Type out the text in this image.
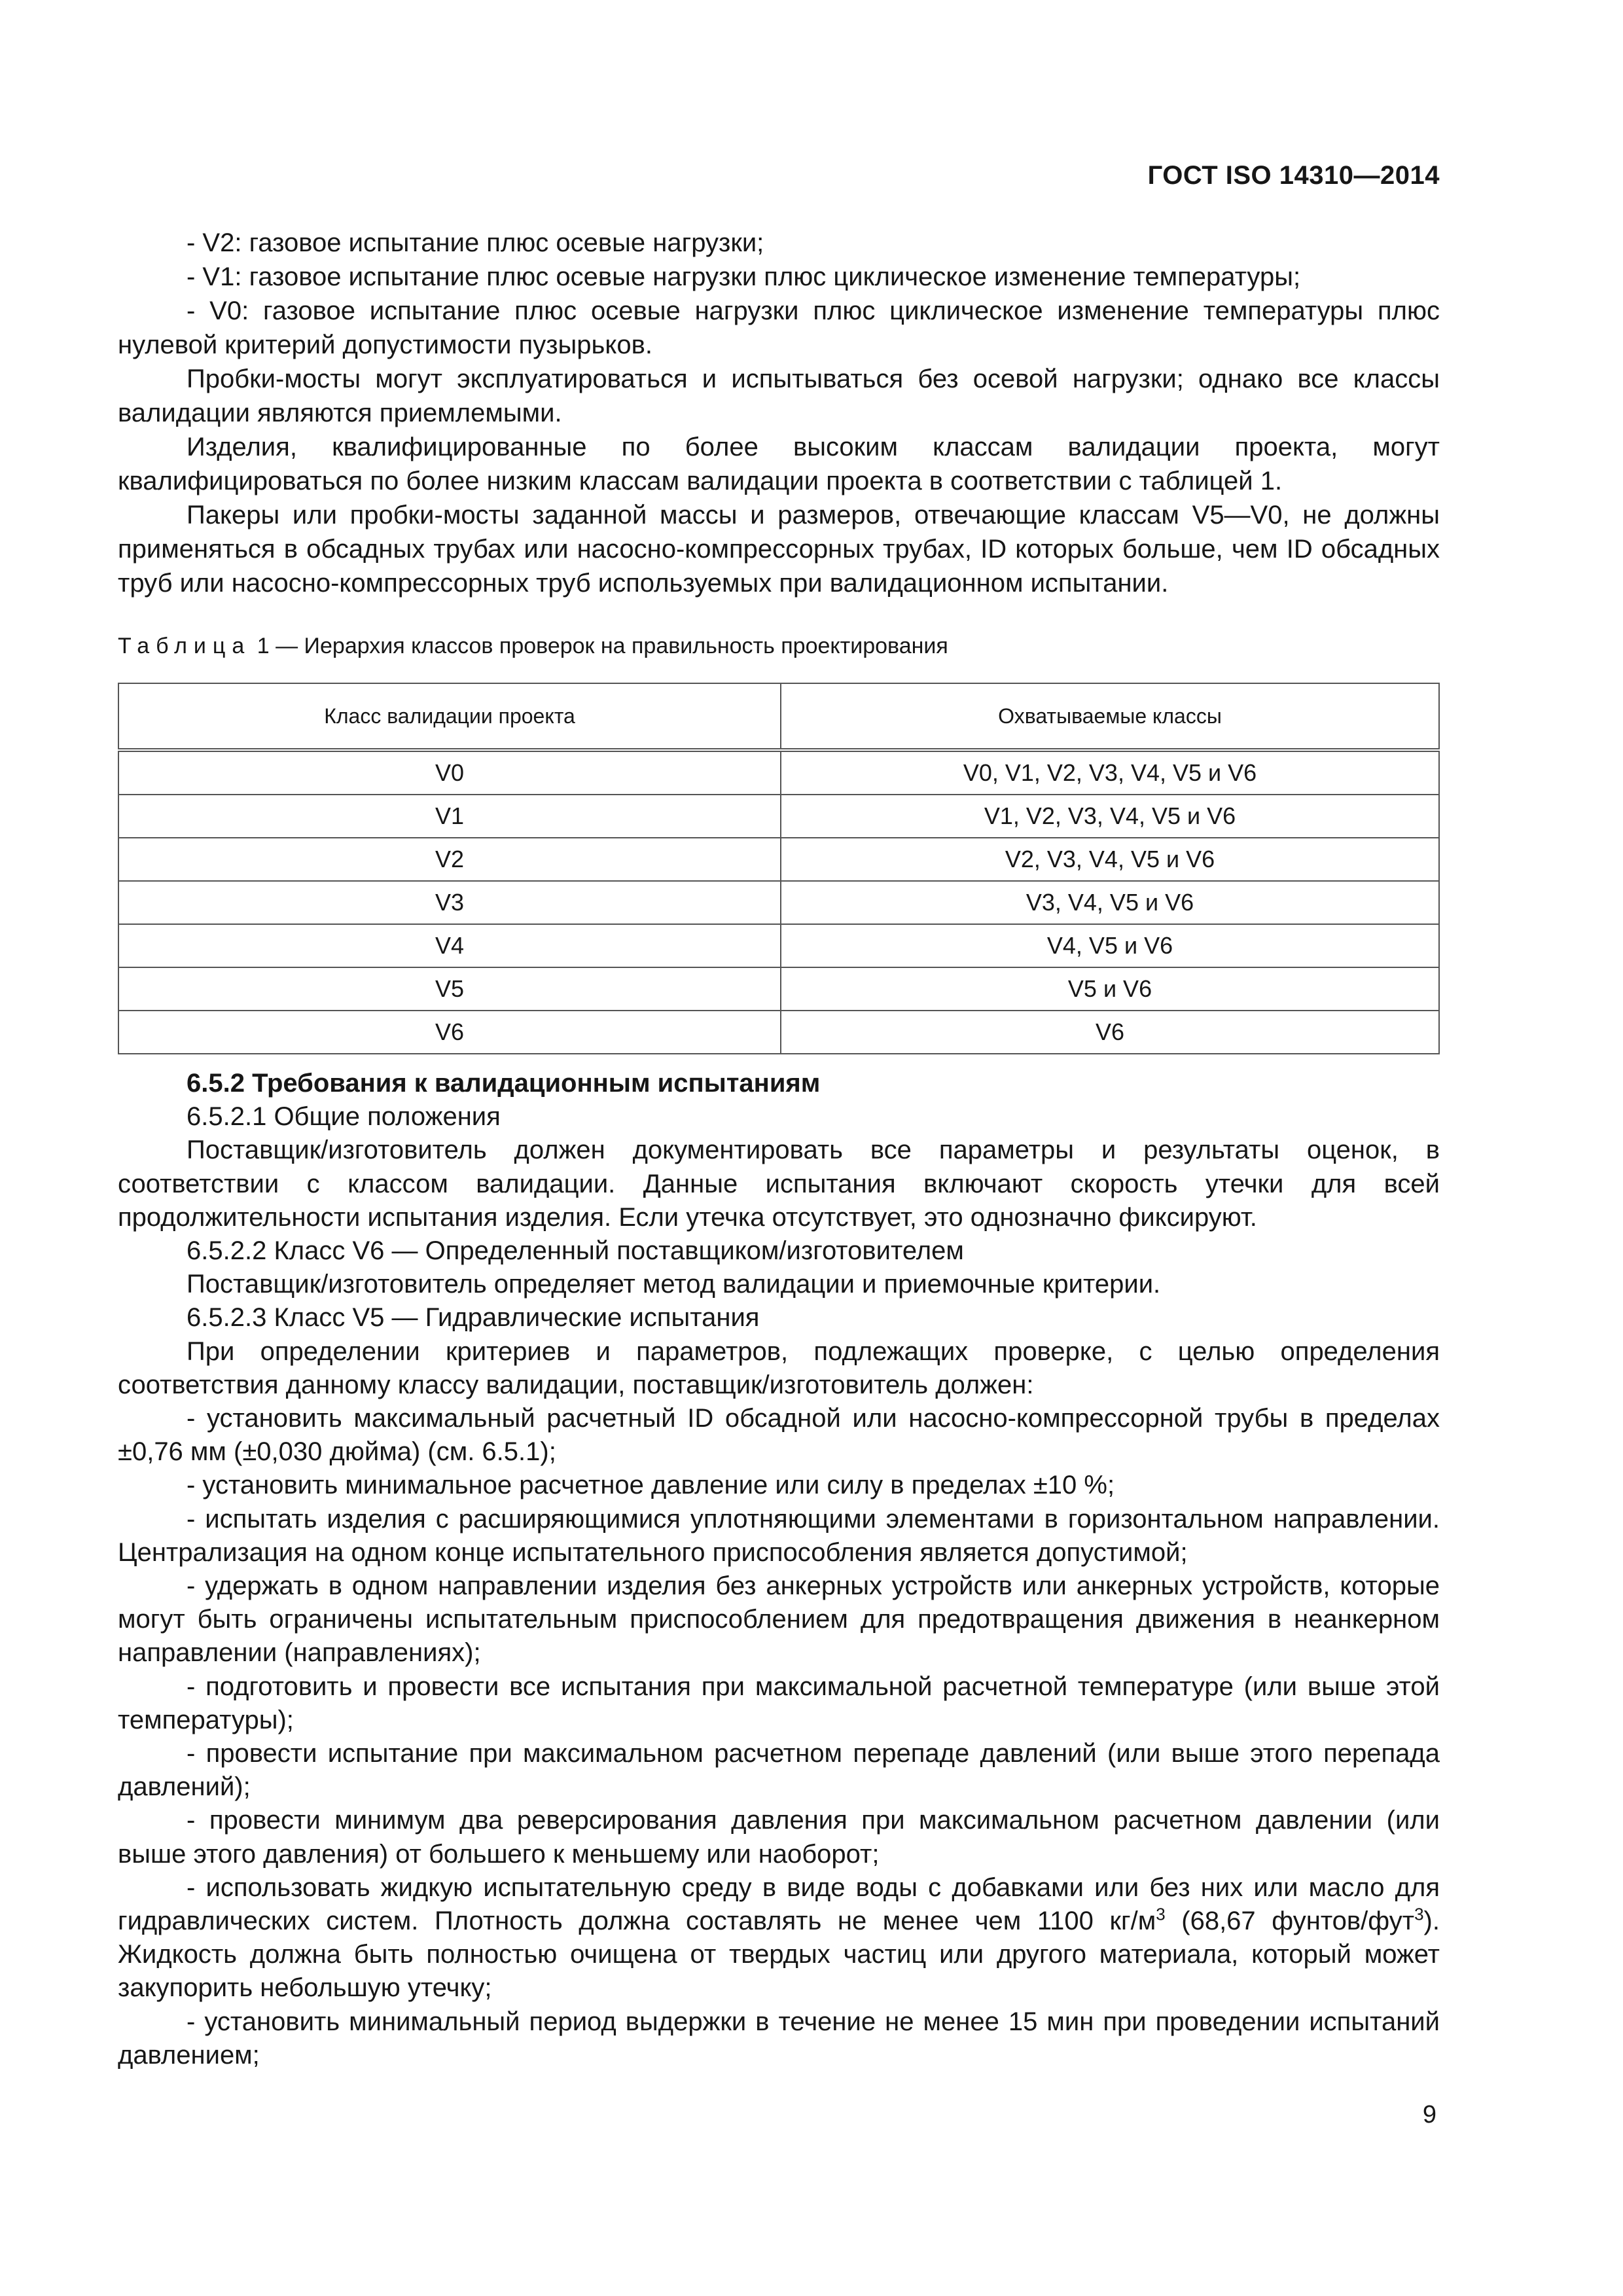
ГОСТ ISO 14310—2014

- V2: газовое испытание плюс осевые нагрузки;

- V1: газовое испытание плюс осевые нагрузки плюс циклическое изменение температуры;

- V0: газовое испытание плюс осевые нагрузки плюс циклическое изменение температуры плюс нулевой критерий допустимости пузырьков.

Пробки-мосты могут эксплуатироваться и испытываться без осевой нагрузки; однако все классы валидации являются приемлемыми.

Изделия, квалифицированные по более высоким классам валидации проекта, могут квалифицироваться по более низким классам валидации проекта в соответствии с таблицей 1.

Пакеры или пробки-мосты заданной массы и размеров, отвечающие классам V5—V0, не должны применяться в обсадных трубах или насосно-компрессорных трубах, ID которых больше, чем ID обсадных труб или насосно-компрессорных труб используемых при валидационном испытании.

Таблица 1 — Иерархия классов проверок на правильность проектирования
Класс валидации проекта	Охватываемые классы
V0	V0, V1, V2, V3, V4, V5 и V6
V1	V1, V2, V3, V4, V5 и V6
V2	V2, V3, V4, V5 и V6
V3	V3, V4, V5 и V6
V4	V4, V5 и V6
V5	V5 и V6
V6	V6

6.5.2 Требования к валидационным испытаниям

6.5.2.1 Общие положения

Поставщик/изготовитель должен документировать все параметры и результаты оценок, в соответствии с классом валидации. Данные испытания включают скорость утечки для всей продолжительности испытания изделия. Если утечка отсутствует, это однозначно фиксируют.

6.5.2.2 Класс V6 — Определенный поставщиком/изготовителем

Поставщик/изготовитель определяет метод валидации и приемочные критерии.

6.5.2.3 Класс V5 — Гидравлические испытания

При определении критериев и параметров, подлежащих проверке, с целью определения соответствия данному классу валидации, поставщик/изготовитель должен:

- установить максимальный расчетный ID обсадной или насосно-компрессорной трубы в пределах ±0,76 мм (±0,030 дюйма) (см. 6.5.1);

- установить минимальное расчетное давление или силу в пределах ±10 %;

- испытать изделия с расширяющимися уплотняющими элементами в горизонтальном направлении. Централизация на одном конце испытательного приспособления является допустимой;

- удержать в одном направлении изделия без анкерных устройств или анкерных устройств, которые могут быть ограничены испытательным приспособлением для предотвращения движения в неанкерном направлении (направлениях);

- подготовить и провести все испытания при максимальной расчетной температуре (или выше этой температуры);

- провести испытание при максимальном расчетном перепаде давлений (или выше этого перепада давлений);

- провести минимум два реверсирования давления при максимальном расчетном давлении (или выше этого давления) от большего к меньшему или наоборот;

- использовать жидкую испытательную среду в виде воды с добавками или без них или масло для гидравлических систем. Плотность должна составлять не менее чем 1100 $кг/м^3$ (68,67 фунтов/фут$^3$). Жидкость должна быть полностью очищена от твердых частиц или другого материала, который может закупорить небольшую утечку;

- установить минимальный период выдержки в течение не менее 15 мин при проведении испытаний давлением;

9
